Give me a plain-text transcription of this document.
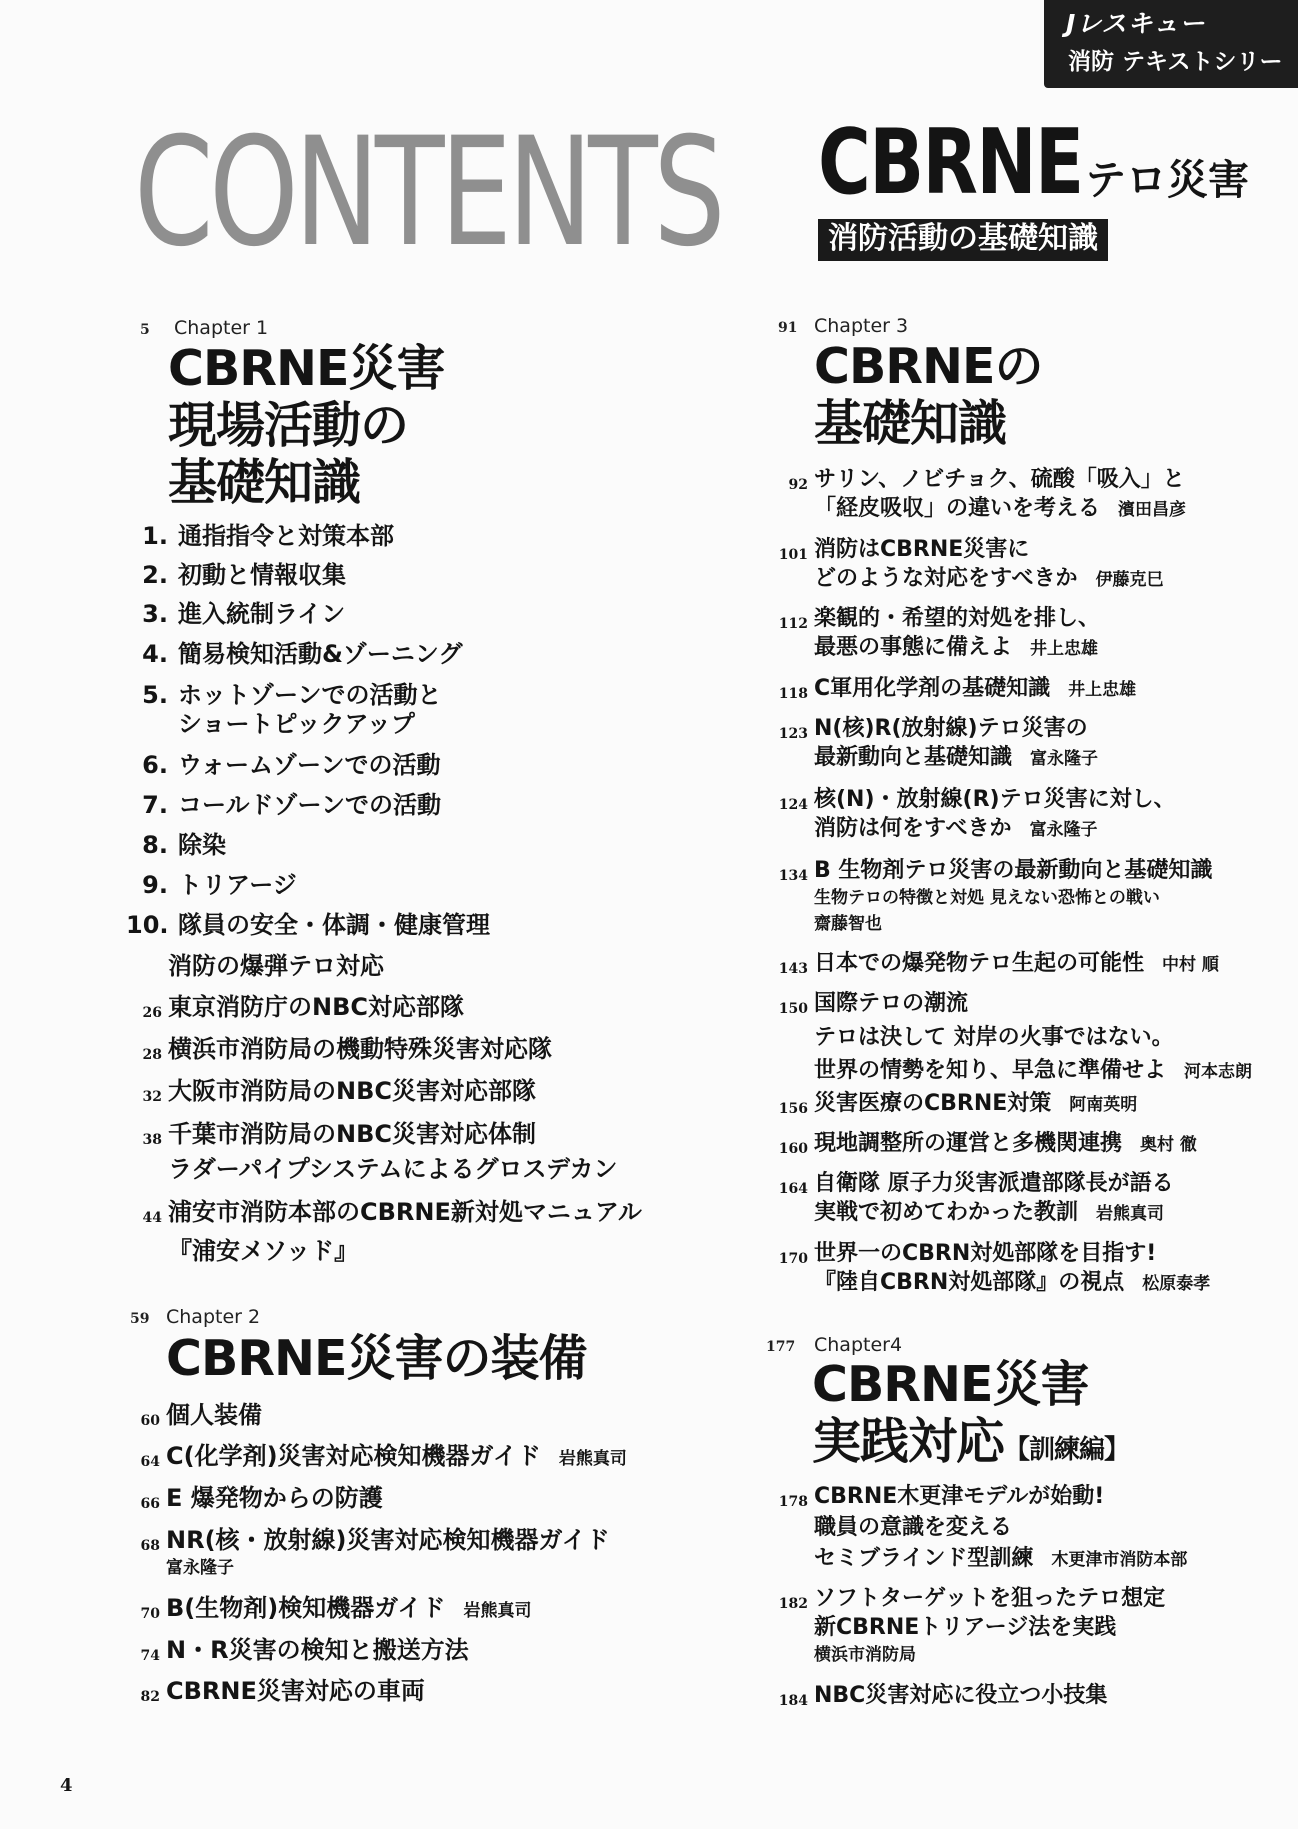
Jレスキュー
消防 テキストシリー
CONTENTS CBRNE テロ災害
消防活動の基礎知識
5 Chapter 1
CBRNE災害
現場活動の
基礎知識
1. 通指指令と対策本部
2. 初動と情報収集
3. 進入統制ライン
4. 簡易検知活動&ゾーニング
5. ホットゾーンでの活動と
ショートピックアップ
6. ウォームゾーンでの活動
7. コールドゾーンでの活動
8. 除染
9. トリアージ
10. 隊員の安全・体調・健康管理
消防の爆弾テロ対応
26 東京消防庁のNBC対応部隊
28 横浜市消防局の機動特殊災害対応隊
32 大阪市消防局のNBC災害対応部隊
38 千葉市消防局のNBC災害対応体制
ラダーパイプシステムによるグロスデカン
44 浦安市消防本部のCBRNE新対処マニュアル
『浦安メソッド』
59 Chapter 2
CBRNE災害の装備
60 個人装備
64 C(化学剤)災害対応検知機器ガイド 岩熊真司
66 E 爆発物からの防護
68 NR(核・放射線)災害対応検知機器ガイド
富永隆子
70 B(生物剤)検知機器ガイド 岩熊真司
74 N・R災害の検知と搬送方法
82 CBRNE災害対応の車両
91 Chapter 3
CBRNEの
基礎知識
92 サリン、ノビチョク、硫酸「吸入」と
「経皮吸収」の違いを考える 濱田昌彦
101 消防はCBRNE災害に
どのような対応をすべきか 伊藤克巳
112 楽観的・希望的対処を排し、
最悪の事態に備えよ 井上忠雄
118 C軍用化学剤の基礎知識 井上忠雄
123 N(核)R(放射線)テロ災害の
最新動向と基礎知識 富永隆子
124 核(N)・放射線(R)テロ災害に対し、
消防は何をすべきか 富永隆子
134 B 生物剤テロ災害の最新動向と基礎知識
生物テロの特徴と対処 見えない恐怖との戦い
齋藤智也
143 日本での爆発物テロ生起の可能性 中村 順
150 国際テロの潮流
テロは決して 対岸の火事ではない。
世界の情勢を知り、早急に準備せよ 河本志朗
156 災害医療のCBRNE対策 阿南英明
160 現地調整所の運営と多機関連携 奥村 徹
164 自衛隊 原子力災害派遣部隊長が語る
実戦で初めてわかった教訓 岩熊真司
170 世界一のCBRN対処部隊を目指す!
『陸自CBRN対処部隊』の視点 松原泰孝
177 Chapter4
CBRNE災害
実践対応【訓練編】
178 CBRNE木更津モデルが始動!
職員の意識を変える
セミブラインド型訓練 木更津市消防本部
182 ソフトターゲットを狙ったテロ想定
新CBRNEトリアージ法を実践
横浜市消防局
184 NBC災害対応に役立つ小技集
4
